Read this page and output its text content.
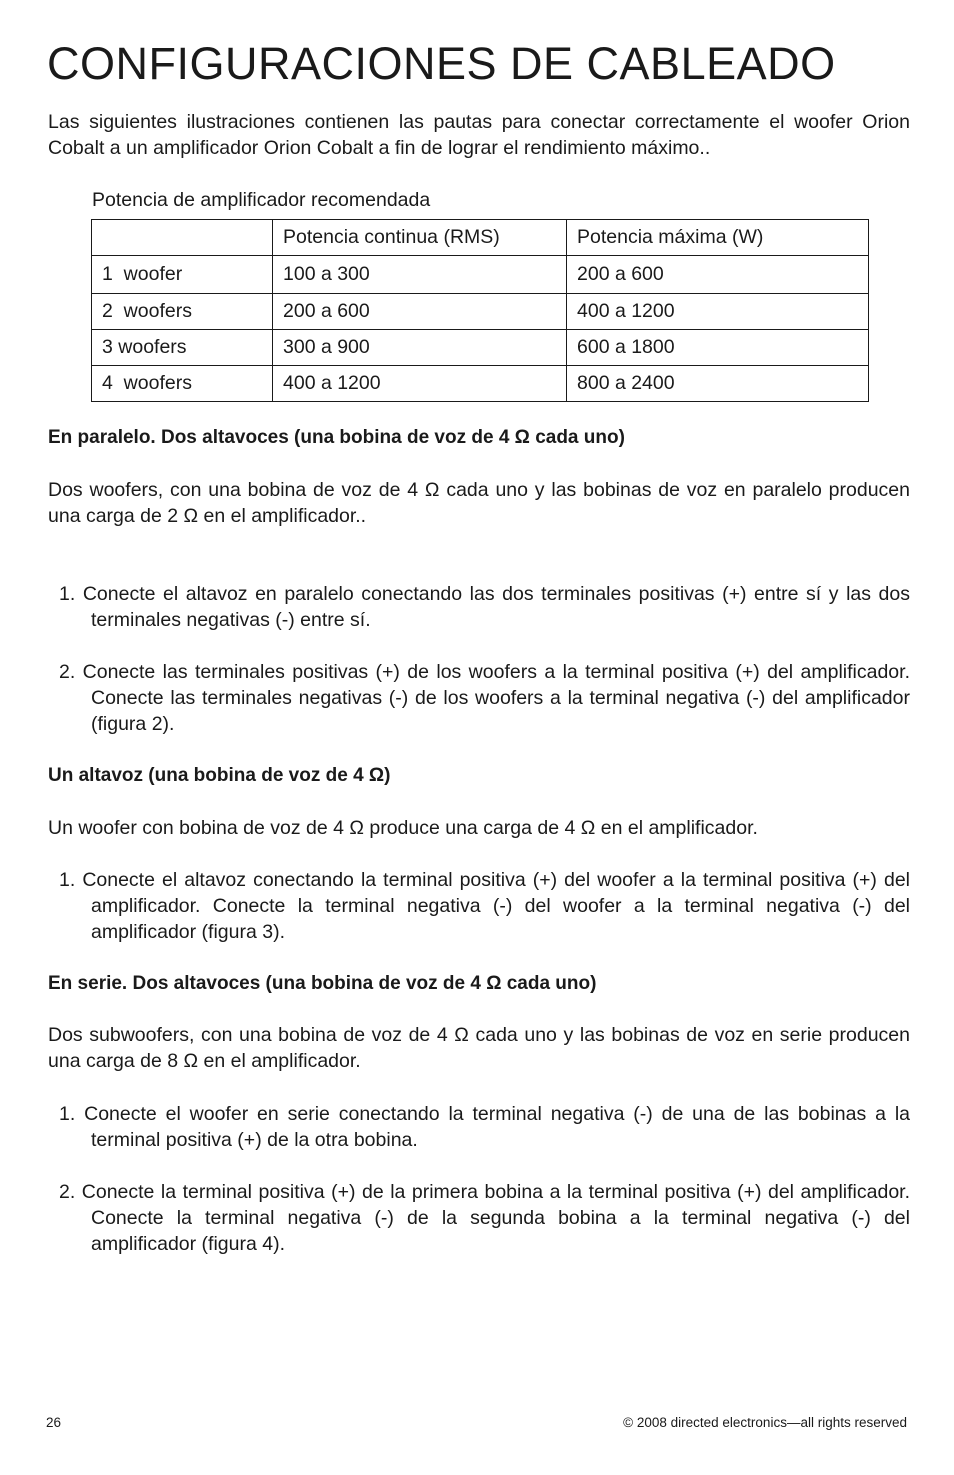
CONFIGURACIONES DE CABLEADO

Las siguientes ilustraciones contienen las pautas para conectar correctamente el woofer Orion Cobalt a un amplificador Orion Cobalt a fin de lograr el rendimiento máximo..

Potencia de amplificador recomendada
	Potencia continua (RMS)	Potencia máxima (W)
1  woofer	100 a 300	200 a 600
2  woofers	200 a 600	400 a 1200
3 woofers	300 a 900	600 a 1800
4  woofers	400 a 1200	800 a 2400

En paralelo. Dos altavoces (una bobina de voz de 4 Ω cada uno)

Dos woofers, con una bobina de voz de 4 Ω cada uno y las bobinas de voz en paralelo producen una carga de 2 Ω en el amplificador..

1. Conecte el altavoz en paralelo conectando las dos terminales positivas (+) entre sí y las dos terminales negativas (-) entre sí.

2. Conecte las terminales positivas (+) de los woofers a la terminal positiva (+) del amplificador. Conecte las terminales negativas (-) de los woofers a la terminal negativa (-) del amplificador (figura 2).

Un altavoz (una bobina de voz de 4 Ω)

Un woofer con bobina de voz de 4 Ω produce una carga de 4 Ω en el amplificador.

1. Conecte el altavoz conectando la terminal positiva (+) del woofer a la terminal positiva (+) del amplificador. Conecte la terminal negativa (-) del woofer a la terminal negativa (-) del amplificador (figura 3).

En serie. Dos altavoces (una bobina de voz de 4 Ω cada uno)

Dos subwoofers, con una bobina de voz de 4 Ω cada uno y las bobinas de voz en serie producen una carga de 8 Ω en el amplificador.

1. Conecte el woofer en serie conectando la terminal negativa (-) de una de las bobinas a la terminal positiva (+) de la otra bobina.

2. Conecte la terminal positiva (+) de la primera bobina a la terminal positiva (+) del amplificador. Conecte la terminal negativa (-) de la segunda bobina a la terminal negativa (-) del amplificador (figura 4).

26	© 2008 directed electronics—all rights reserved
